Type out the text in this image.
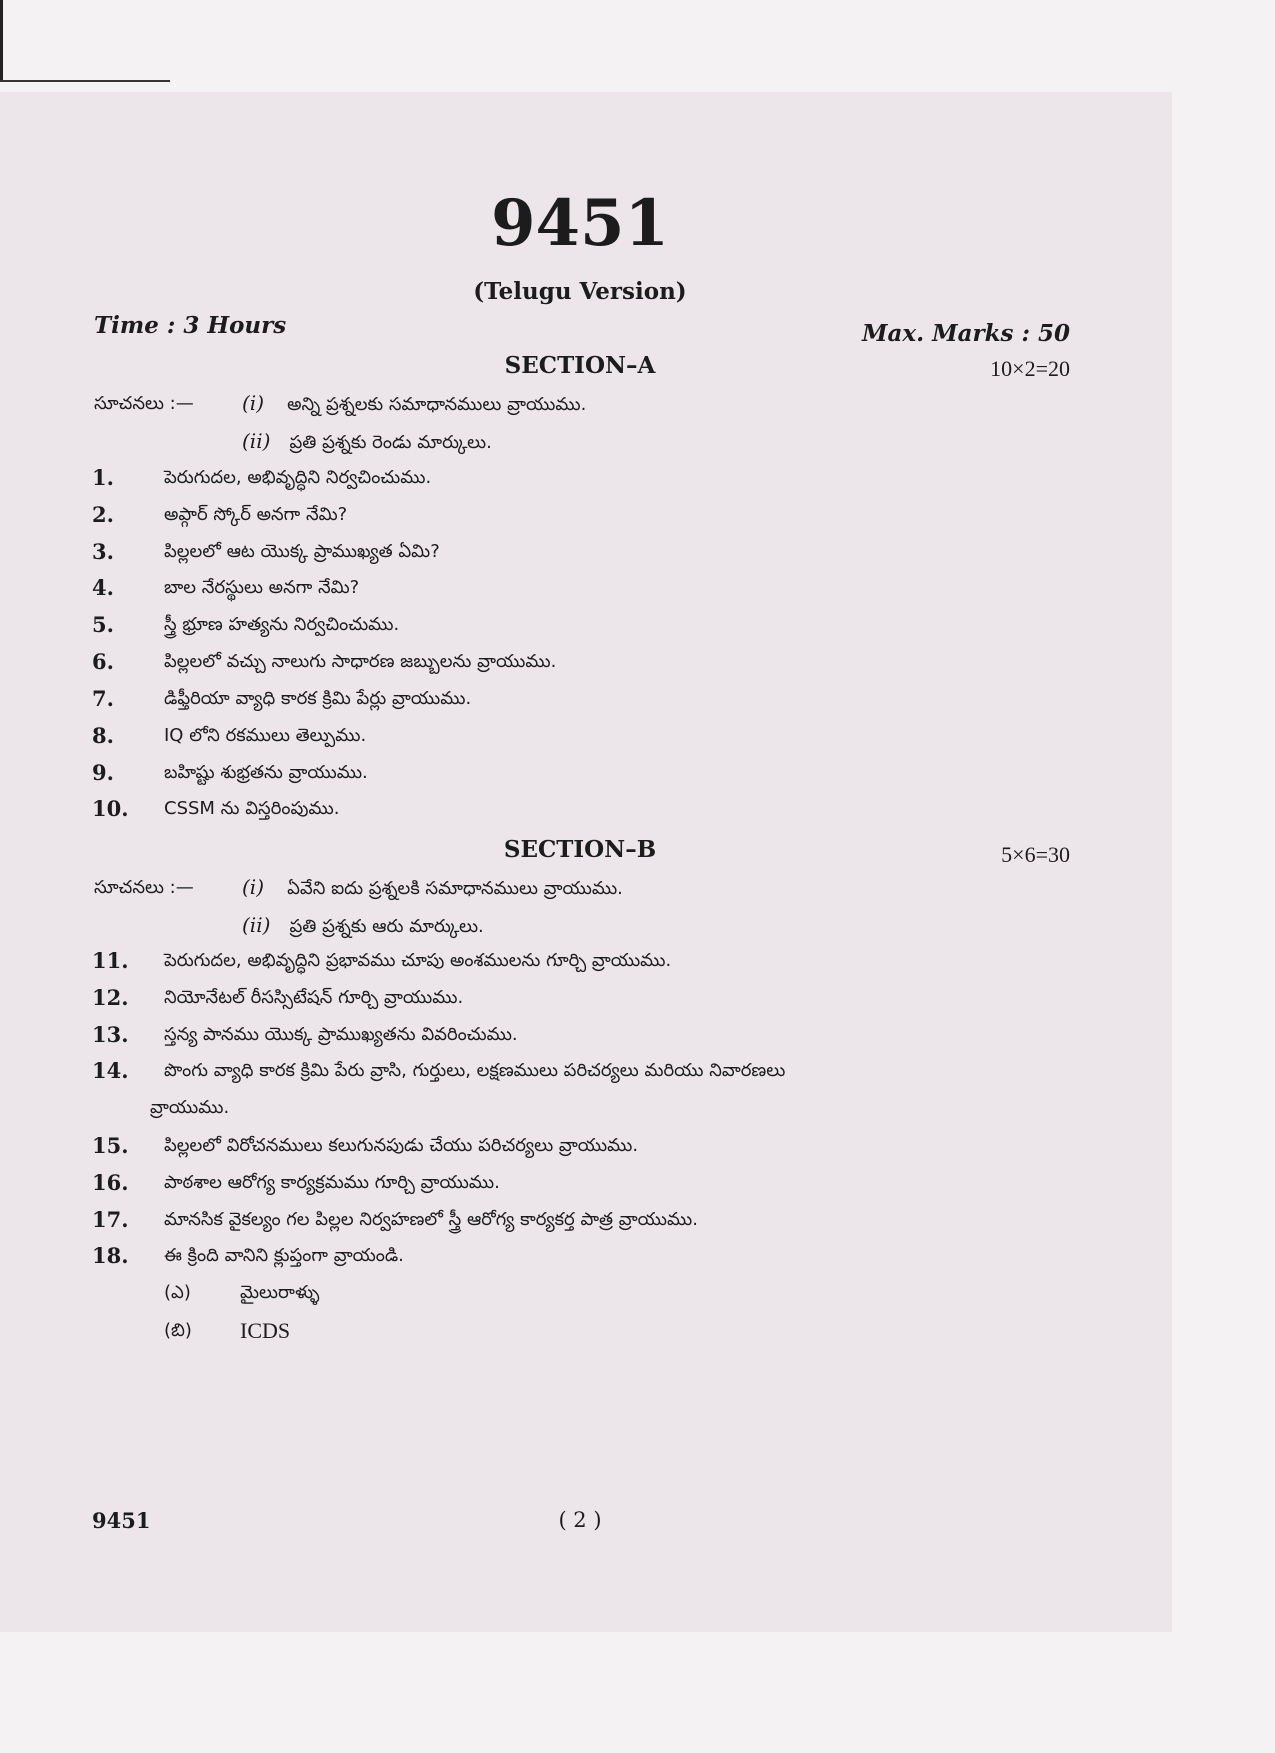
9451
(Telugu Version)
Time : 3 Hours	Max. Marks : 50
SECTION–A	10×2=20
సూచనలు :— (i) అన్ని ప్రశ్నలకు సమాధానములు వ్రాయుము.
(ii) ప్రతి ప్రశ్నకు రెండు మార్కులు.
1.	పెరుగుదల, అభివృద్ధిని నిర్వచించుము.
2.	అప్గార్ స్కోర్ అనగా నేమి?
3.	పిల్లలలో ఆట యొక్క ప్రాముఖ్యత ఏమి?
4.	బాల నేరస్థులు అనగా నేమి?
5.	స్త్రీ భ్రూణ హత్యను నిర్వచించుము.
6.	పిల్లలలో వచ్చు నాలుగు సాధారణ జబ్బులను వ్రాయుము.
7.	డిఫ్తీరియా వ్యాధి కారక క్రిమి పేర్లు వ్రాయుము.
8.	IQ లోని రకములు తెల్పుము.
9.	బహిష్టు శుభ్రతను వ్రాయుము.
10. CSSM ను విస్తరింపుము.
SECTION–B	5×6=30
సూచనలు :— (i) ఏవేని ఐదు ప్రశ్నలకి సమాధానములు వ్రాయుము.
(ii) ప్రతి ప్రశ్నకు ఆరు మార్కులు.
11. పెరుగుదల, అభివృద్ధిని ప్రభావము చూపు అంశములను గూర్చి వ్రాయుము.
12. నియోనేటల్ రీసస్సిటేషన్ గూర్చి వ్రాయుము.
13. స్తన్య పానము యొక్క ప్రాముఖ్యతను వివరించుము.
14. పొంగు వ్యాధి కారక క్రిమి పేరు వ్రాసి, గుర్తులు, లక్షణములు పరిచర్యలు మరియు నివారణలు
వ్రాయుము.
15. పిల్లలలో విరోచనములు కలుగునపుడు చేయు పరిచర్యలు వ్రాయుము.
16. పాఠశాల ఆరోగ్య కార్యక్రమము గూర్చి వ్రాయుము.
17. మానసిక వైకల్యం గల పిల్లల నిర్వహణలో స్త్రీ ఆరోగ్య కార్యకర్త పాత్ర వ్రాయుము.
18. ఈ క్రింది వానిని క్లుప్తంగా వ్రాయండి.
(ఎ)	మైలురాళ్ళు
(బి) ICDS
9451	( 2 )
